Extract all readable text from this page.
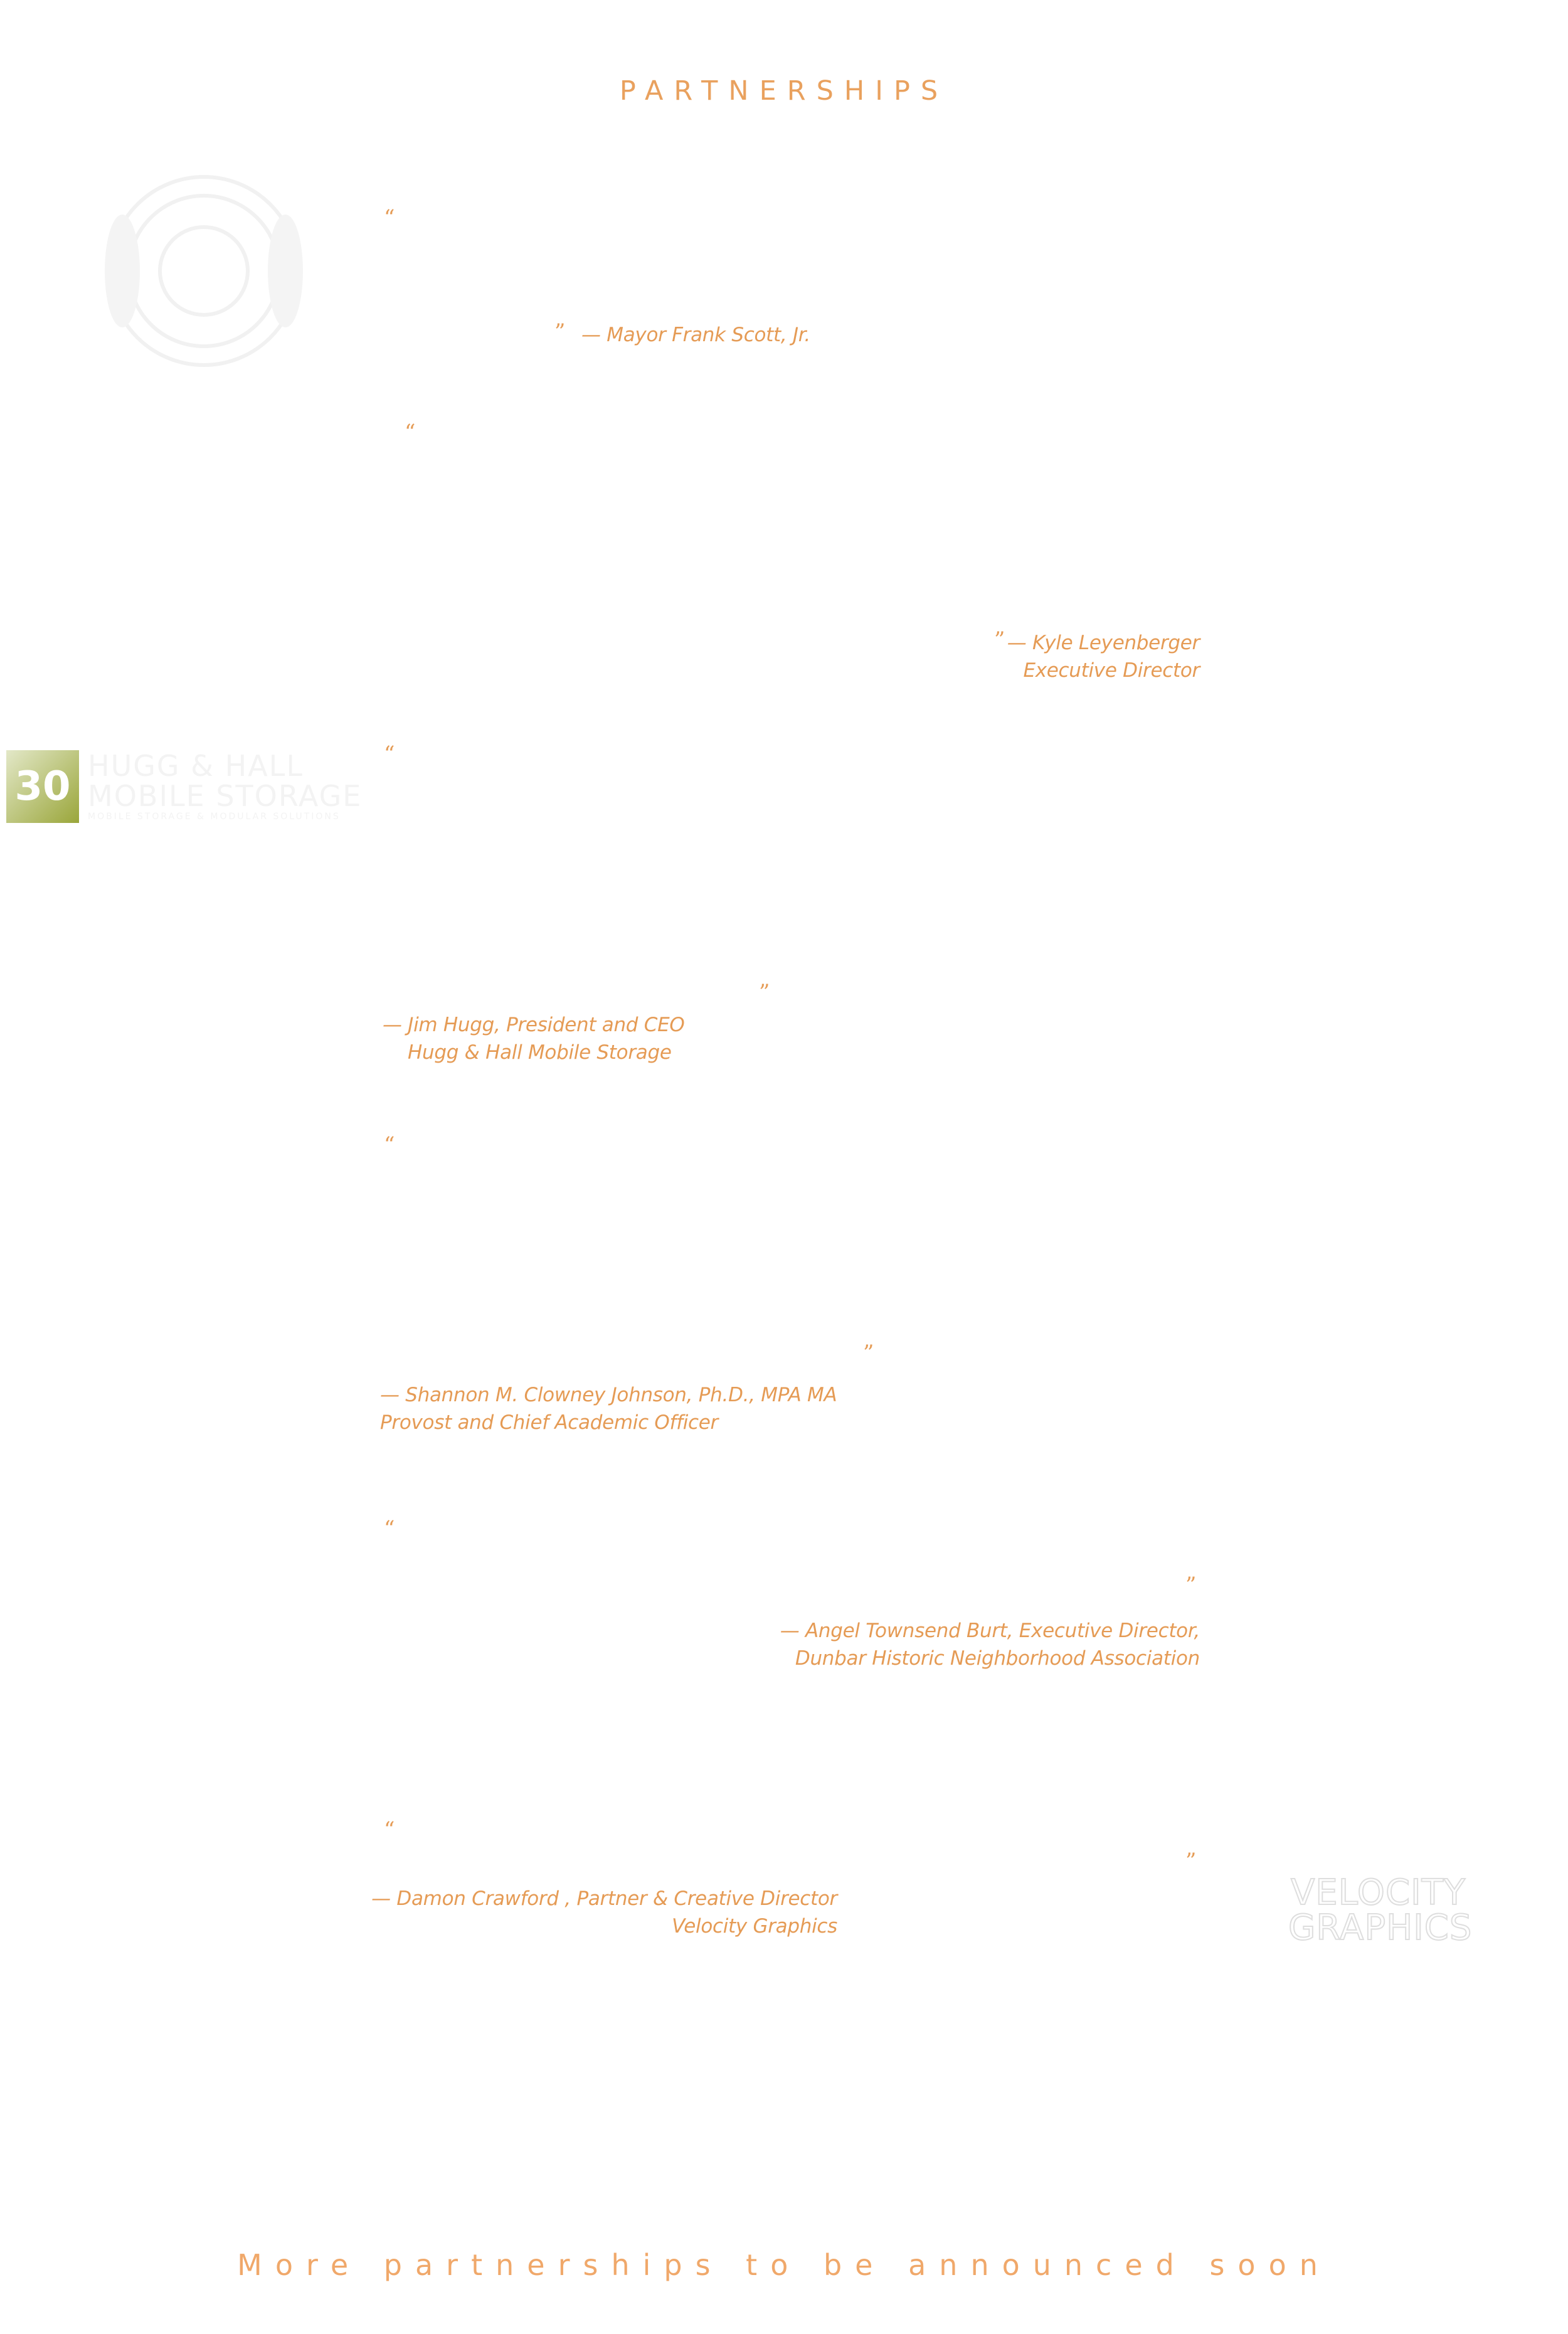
PARTNERSHIPS
“
” — Mayor Frank Scott, Jr.
“
” — Kyle Leyenberger
Executive Director
30 HUGG & HALL
MOBILE STORAGE
MOBILE STORAGE & MODULAR SOLUTIONS
“
”
— Jim Hugg, President and CEO
Hugg & Hall Mobile Storage
“
”
— Shannon M. Clowney Johnson, Ph.D., MPA MA
Provost and Chief Academic Officer
“
”
— Angel Townsend Burt, Executive Director,
Dunbar Historic Neighborhood Association
“
”
— Damon Crawford , Partner & Creative Director
Velocity Graphics
VELOCITY
GRAPHICS
More partnerships to be announced soon
